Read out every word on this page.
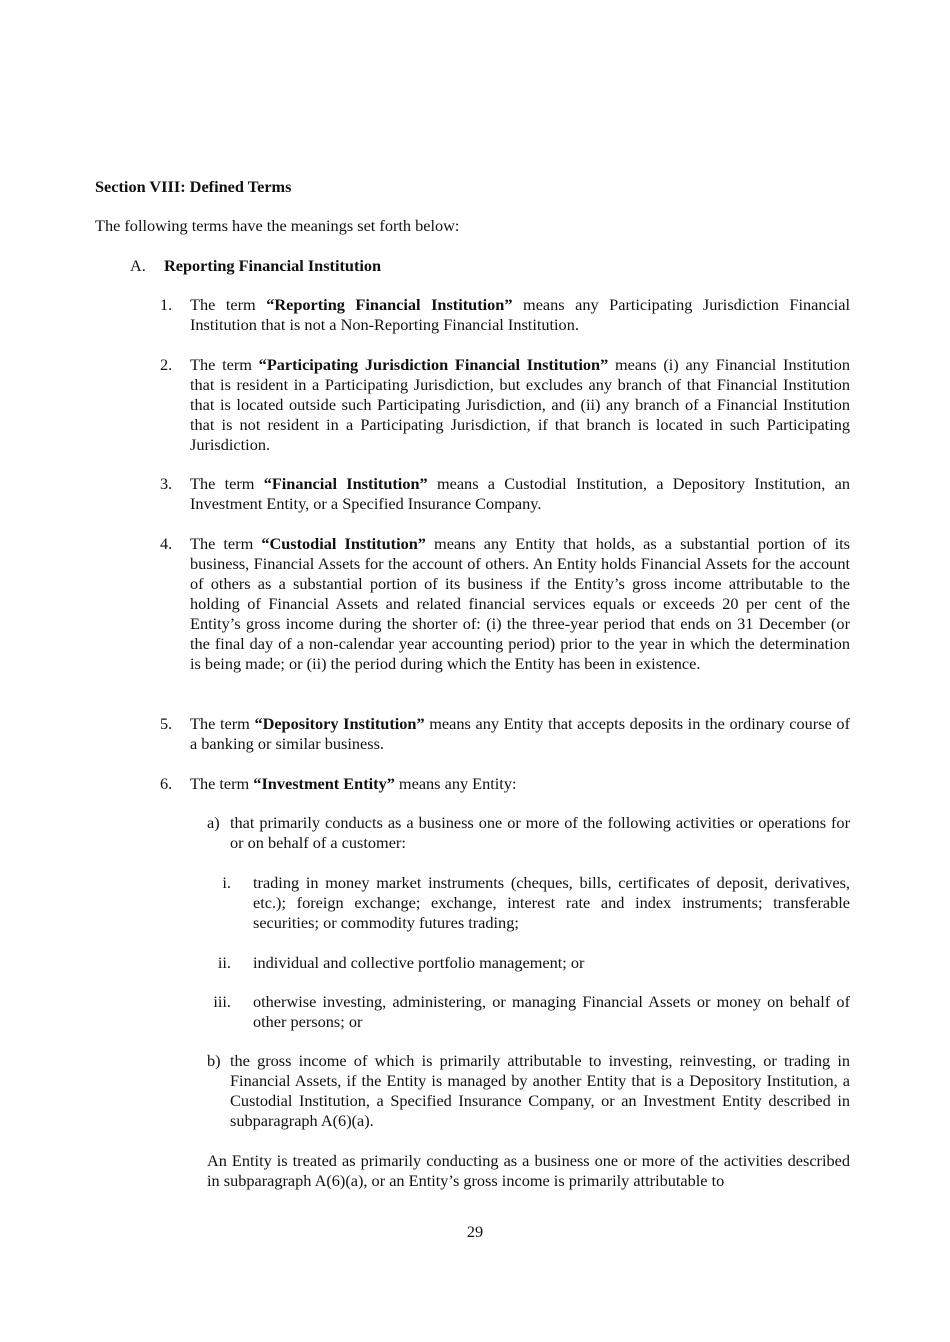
Section VIII: Defined Terms

The following terms have the meanings set forth below:

A. Reporting Financial Institution
1. The term “Reporting Financial Institution” means any Participating Jurisdiction Financial Institution that is not a Non-Reporting Financial Institution.
2. The term “Participating Jurisdiction Financial Institution” means (i) any Financial Institution that is resident in a Participating Jurisdiction, but excludes any branch of that Financial Institution that is located outside such Participating Jurisdiction, and (ii) any branch of a Financial Institution that is not resident in a Participating Jurisdiction, if that branch is located in such Participating Jurisdiction.
3. The term “Financial Institution” means a Custodial Institution, a Depository Institution, an Investment Entity, or a Specified Insurance Company.
4. The term “Custodial Institution” means any Entity that holds, as a substantial portion of its business, Financial Assets for the account of others. An Entity holds Financial Assets for the account of others as a substantial portion of its business if the Entity’s gross income attributable to the holding of Financial Assets and related financial services equals or exceeds 20 per cent of the Entity’s gross income during the shorter of: (i) the three-year period that ends on 31 December (or the final day of a non-calendar year accounting period) prior to the year in which the determination is being made; or (ii) the period during which the Entity has been in existence.
5. The term “Depository Institution” means any Entity that accepts deposits in the ordinary course of a banking or similar business.
6. The term “Investment Entity” means any Entity:
a) that primarily conducts as a business one or more of the following activities or operations for or on behalf of a customer:
i. trading in money market instruments (cheques, bills, certificates of deposit, derivatives, etc.); foreign exchange; exchange, interest rate and index instruments; transferable securities; or commodity futures trading;
ii. individual and collective portfolio management; or
iii. otherwise investing, administering, or managing Financial Assets or money on behalf of other persons; or
b) the gross income of which is primarily attributable to investing, reinvesting, or trading in Financial Assets, if the Entity is managed by another Entity that is a Depository Institution, a Custodial Institution, a Specified Insurance Company, or an Investment Entity described in subparagraph A(6)(a).

An Entity is treated as primarily conducting as a business one or more of the activities described in subparagraph A(6)(a), or an Entity’s gross income is primarily attributable to

29
